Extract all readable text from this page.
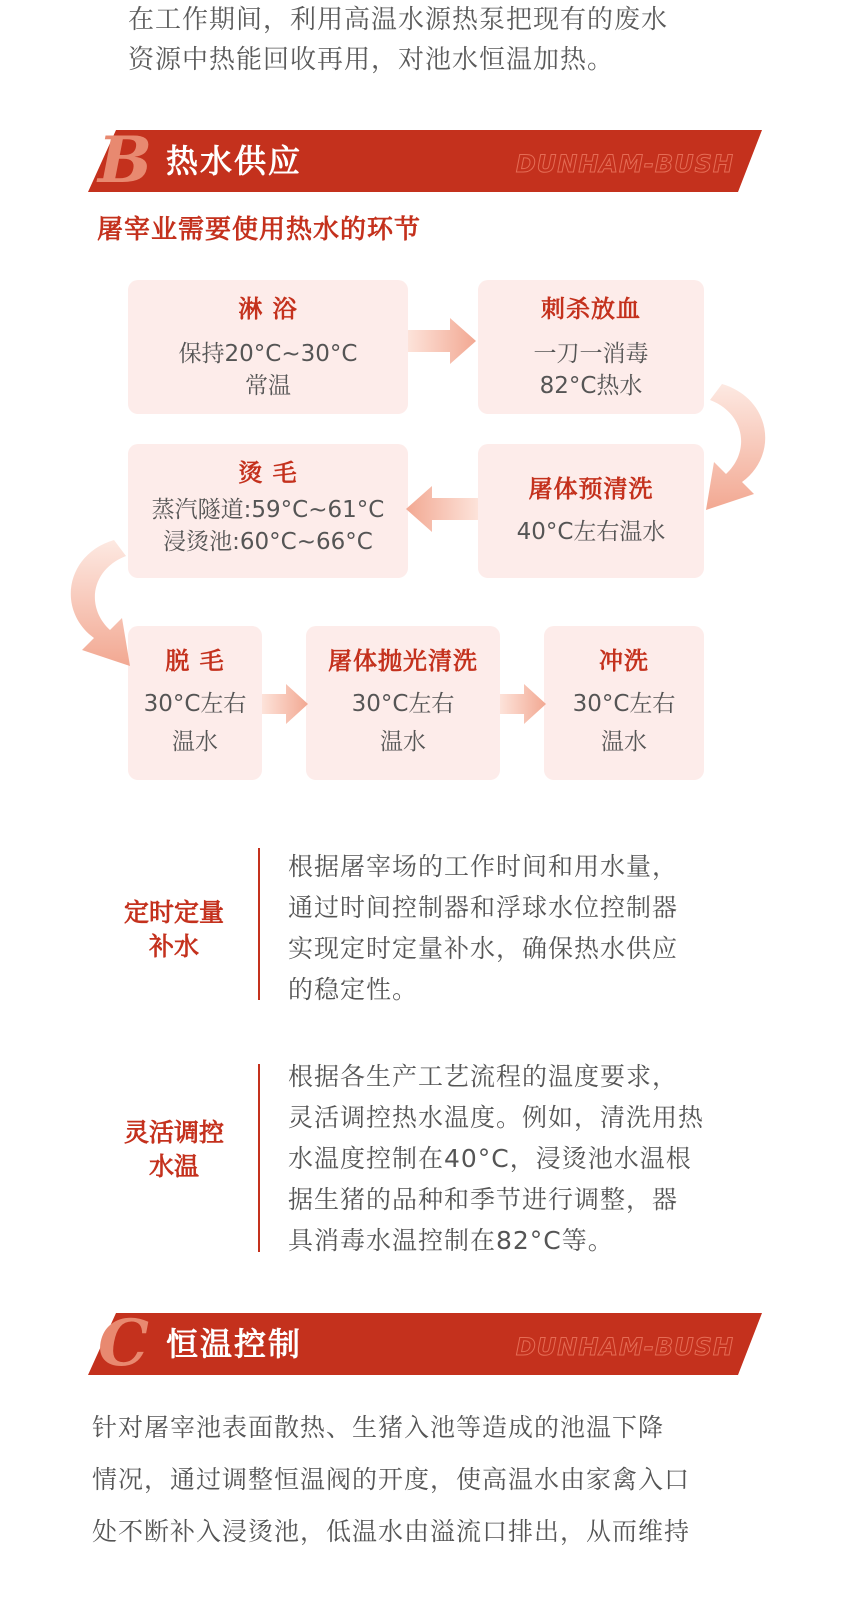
在工作期间，利用高温水源热泵把现有的废水
资源中热能回收再用，对池水恒温加热。
B 热水供应	DUNHAM-BUSH
屠宰业需要使用热水的环节
淋 浴
保持20°C~30°C
常温
刺杀放血
一刀一消毒
82°C热水
烫 毛
蒸汽隧道:59°C~61°C
浸烫池:60°C~66°C
屠体预清洗
40°C左右温水
脱 毛
30°C左右
温水
屠体抛光清洗
30°C左右
温水
冲洗
30°C左右
温水
定时定量
补水
根据屠宰场的工作时间和用水量，
通过时间控制器和浮球水位控制器
实现定时定量补水，确保热水供应
的稳定性。
灵活调控
水温
根据各生产工艺流程的温度要求，
灵活调控热水温度。例如，清洗用热
水温度控制在40°C，浸烫池水温根
据生猪的品种和季节进行调整，器
具消毒水温控制在82°C等。
C 恒温控制	DUNHAM-BUSH
针对屠宰池表面散热、生猪入池等造成的池温下降
情况，通过调整恒温阀的开度，使高温水由家禽入口
处不断补入浸烫池，低温水由溢流口排出，从而维持
